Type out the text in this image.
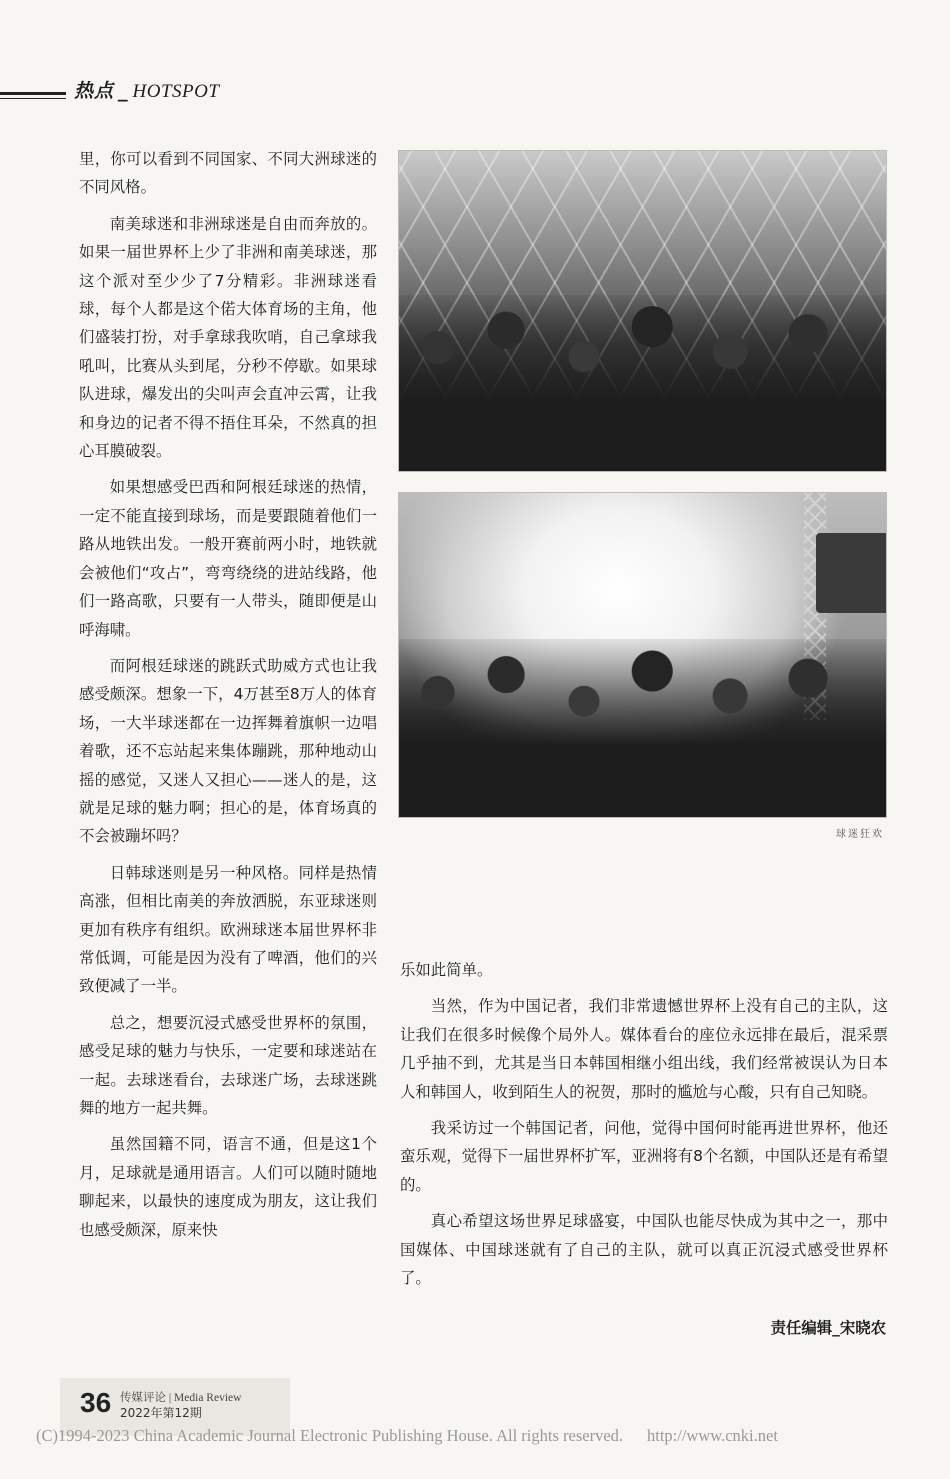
热点 _ HOTSPOT

里，你可以看到不同国家、不同大洲球迷的不同风格。

南美球迷和非洲球迷是自由而奔放的。如果一届世界杯上少了非洲和南美球迷，那这个派对至少少了7分精彩。非洲球迷看球，每个人都是这个偌大体育场的主角，他们盛装打扮，对手拿球我吹哨，自己拿球我吼叫，比赛从头到尾，分秒不停歇。如果球队进球，爆发出的尖叫声会直冲云霄，让我和身边的记者不得不捂住耳朵，不然真的担心耳膜破裂。

如果想感受巴西和阿根廷球迷的热情，一定不能直接到球场，而是要跟随着他们一路从地铁出发。一般开赛前两小时，地铁就会被他们“攻占”，弯弯绕绕的进站线路，他们一路高歌，只要有一人带头，随即便是山呼海啸。

而阿根廷球迷的跳跃式助威方式也让我感受颇深。想象一下，4万甚至8万人的体育场，一大半球迷都在一边挥舞着旗帜一边唱着歌，还不忘站起来集体蹦跳，那种地动山摇的感觉，又迷人又担心——迷人的是，这就是足球的魅力啊；担心的是，体育场真的不会被蹦坏吗？

日韩球迷则是另一种风格。同样是热情高涨，但相比南美的奔放洒脱，东亚球迷则更加有秩序有组织。欧洲球迷本届世界杯非常低调，可能是因为没有了啤酒，他们的兴致便减了一半。

总之，想要沉浸式感受世界杯的氛围，感受足球的魅力与快乐，一定要和球迷站在一起。去球迷看台，去球迷广场，去球迷跳舞的地方一起共舞。

虽然国籍不同，语言不通，但是这1个月，足球就是通用语言。人们可以随时随地聊起来，以最快的速度成为朋友，这让我们也感受颇深，原来快

球迷狂欢

乐如此简单。

当然，作为中国记者，我们非常遗憾世界杯上没有自己的主队，这让我们在很多时候像个局外人。媒体看台的座位永远排在最后，混采票几乎抽不到，尤其是当日本韩国相继小组出线，我们经常被误认为日本人和韩国人，收到陌生人的祝贺，那时的尴尬与心酸，只有自己知晓。

我采访过一个韩国记者，问他，觉得中国何时能再进世界杯，他还蛮乐观，觉得下一届世界杯扩军，亚洲将有8个名额，中国队还是有希望的。

真心希望这场世界足球盛宴，中国队也能尽快成为其中之一，那中国媒体、中国球迷就有了自己的主队，就可以真正沉浸式感受世界杯了。

责任编辑_宋晓农
36 传媒评论 | Media Review
2022年第12期
(C)1994-2023 China Academic Journal Electronic Publishing House. All rights reserved. http://www.cnki.net
